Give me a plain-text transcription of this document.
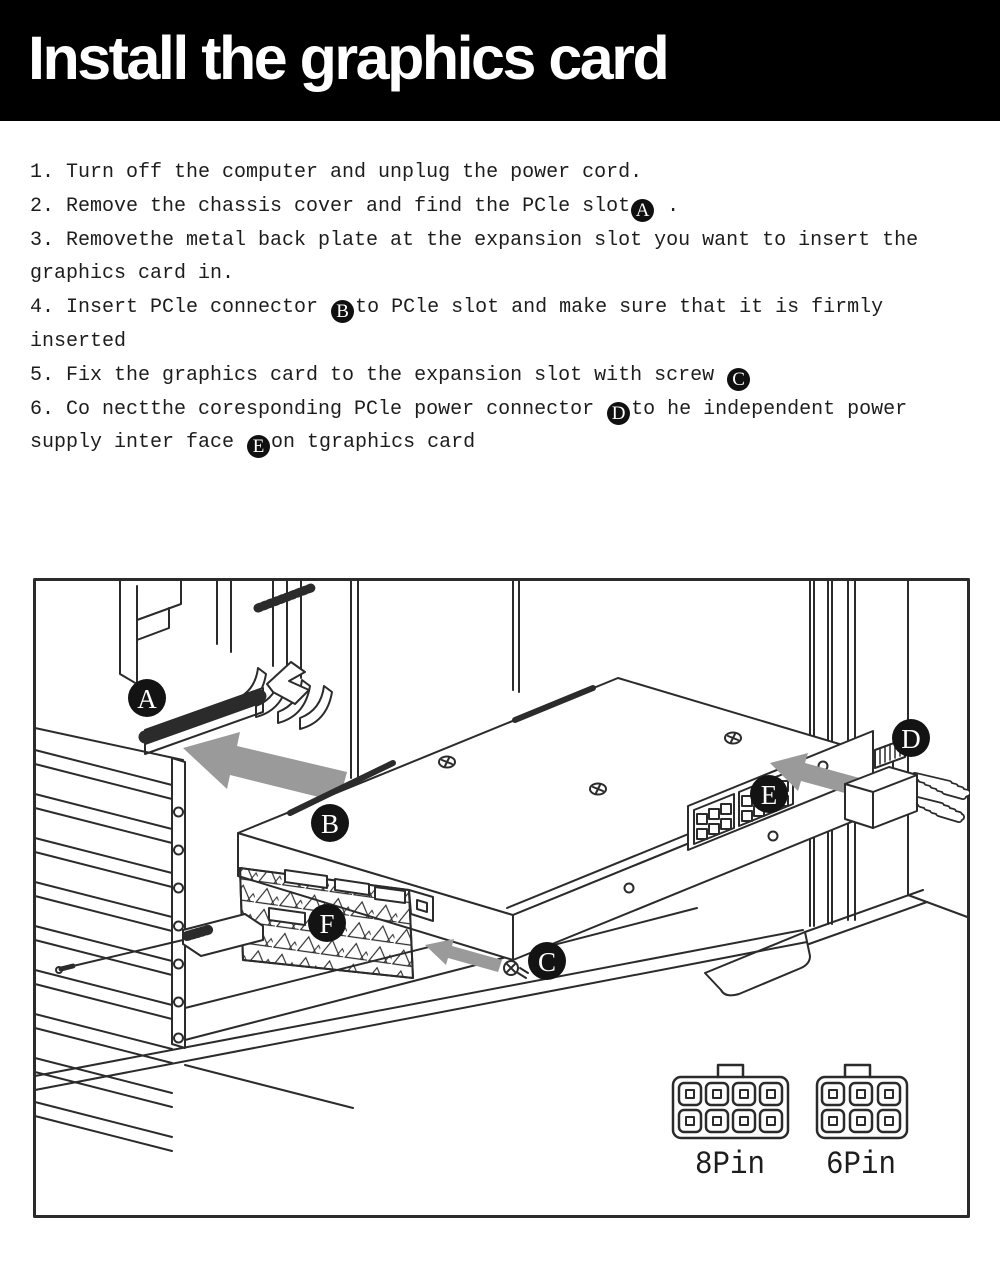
Install the graphics card
1. Turn off the computer and unplug the power cord.
2. Remove the chassis cover and find the PCle slot A .
3. Removethe metal back plate at the expansion slot you want to insert the
graphics card in.
4. Insert PCle connector B to PCle slot and make sure that it is firmly
inserted
5. Fix the graphics card to the expansion slot with screw C
6. Co nectthe coresponding PCle power connector D to he independent power
supply inter face E on tgraphics card
A
B
C
D
E
F
8Pin 6Pin
